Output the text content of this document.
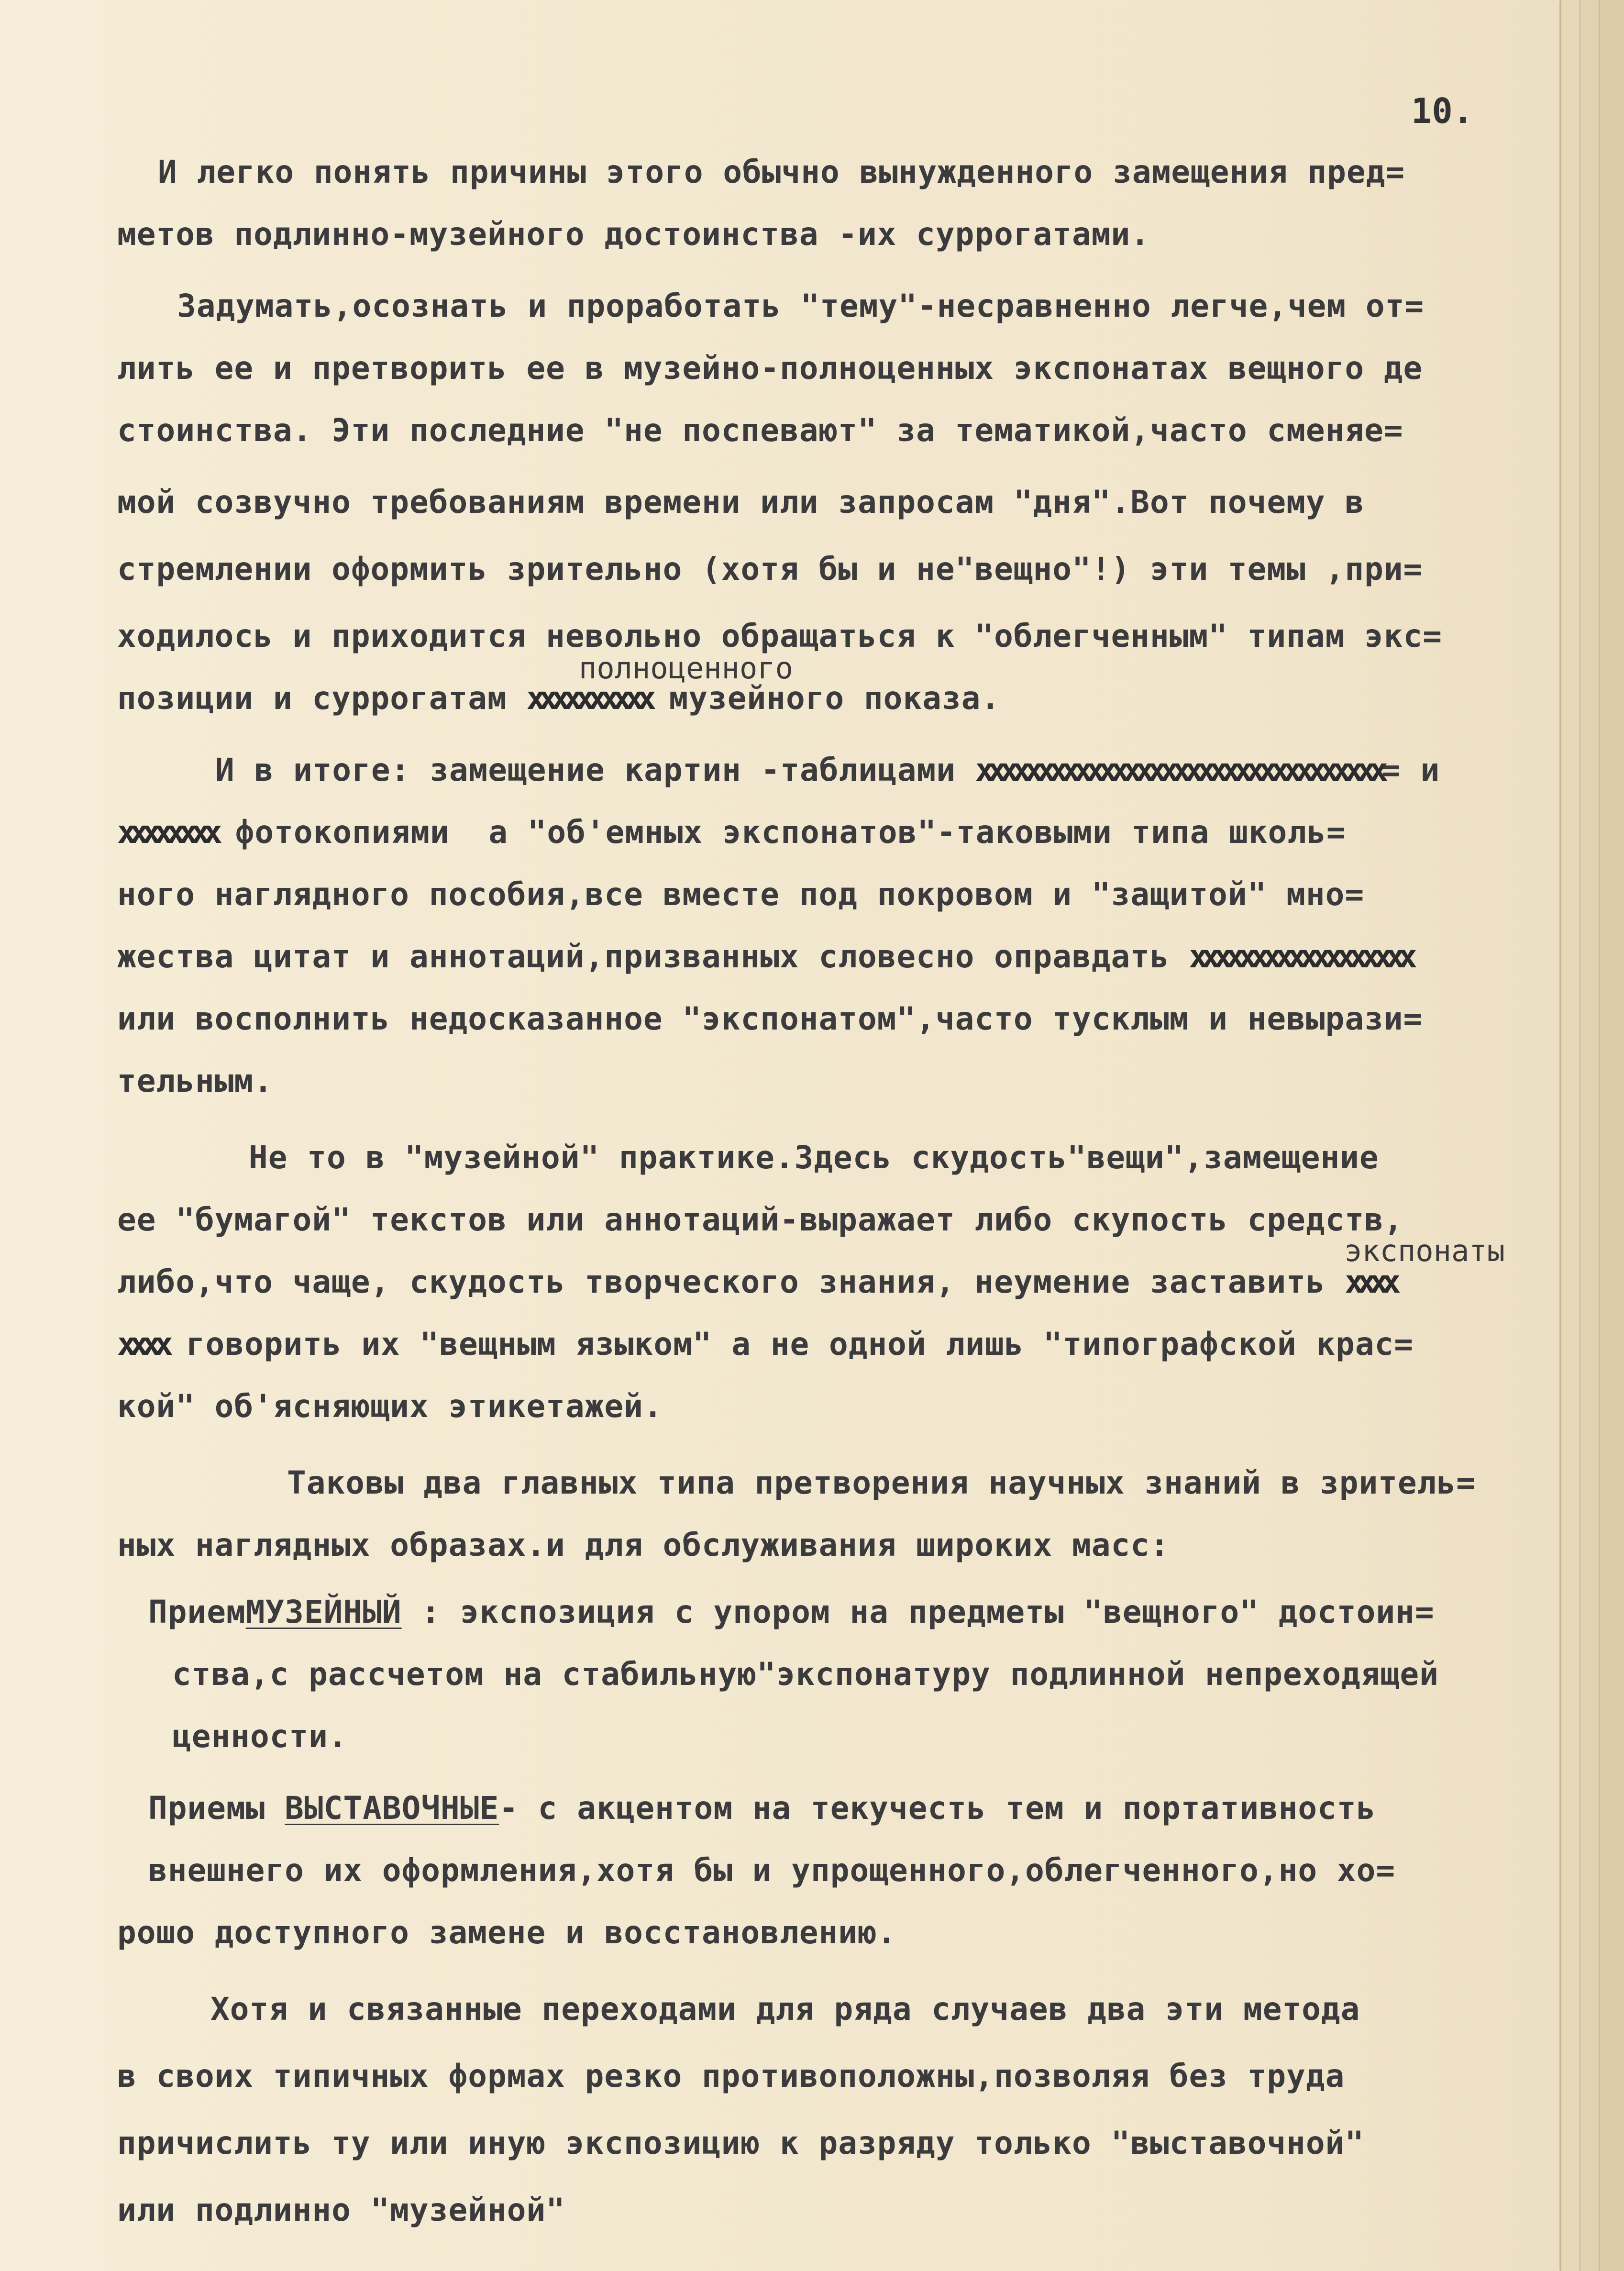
10.

И легко понять причины этого обычно вынужденного замещения пред=

метов подлинно-музейного достоинства -их суррогатами.

Задумать,осознать и проработать "тему"-несравненно легче,чем от=

лить ее и претворить ее в музейно-полноценных экспонатах вещного де

стоинства. Эти последние "не поспевают" за тематикой,часто сменяе=

мой созвучно требованиям времени или запросам "дня".Вот почему в

стремлении оформить зрительно (хотя бы и не"вещно"!) эти темы ,при=

ходилось и приходится невольно обращаться к "облегченным" типам экс=

полноценного

позиции и суррогатам xxxxxxxxxx музейного показа.

И в итоге: замещение картин -таблицами xxxxxxxxxxxxxxxxxxxxxxxxxxxxxxxxx= и

xxxxxxxx фотокопиями  а "об'емных экспонатов"-таковыми типа школь=

ного наглядного пособия,все вместе под покровом и "защитой" мно=

жества цитат и аннотаций,призванных словесно оправдать xxxxxxxxxxxxxxxxxx

или восполнить недосказанное "экспонатом",часто тусклым и невырази=

тельным.

Не то в "музейной" практике.Здесь скудость"вещи",замещение

ее "бумагой" текстов или аннотаций-выражает либо скупость средств,

экспонаты

либо,что чаще, скудость творческого знания, неумение заставить xxxx

xxxx говорить их "вещным языком" а не одной лишь "типографской крас=

кой" об'ясняющих этикетажей.

Таковы два главных типа претворения научных знаний в зритель=

ных наглядных образах.и для обслуживания широких масс:

ПриемМУЗЕЙНЫЙ : экспозиция с упором на предметы "вещного" достоин=

ства,с рассчетом на стабильную"экспонатуру подлинной непреходящей

ценности.

Приемы ВЫСТАВОЧНЫЕ- с акцентом на текучесть тем и портативность

внешнего их оформления,хотя бы и упрощенного,облегченного,но хо=

рошо доступного замене и восстановлению.

Хотя и связанные переходами для ряда случаев два эти метода

в своих типичных формах резко противоположны,позволяя без труда

причислить ту или иную экспозицию к разряду только "выставочной"

или подлинно "музейной"
